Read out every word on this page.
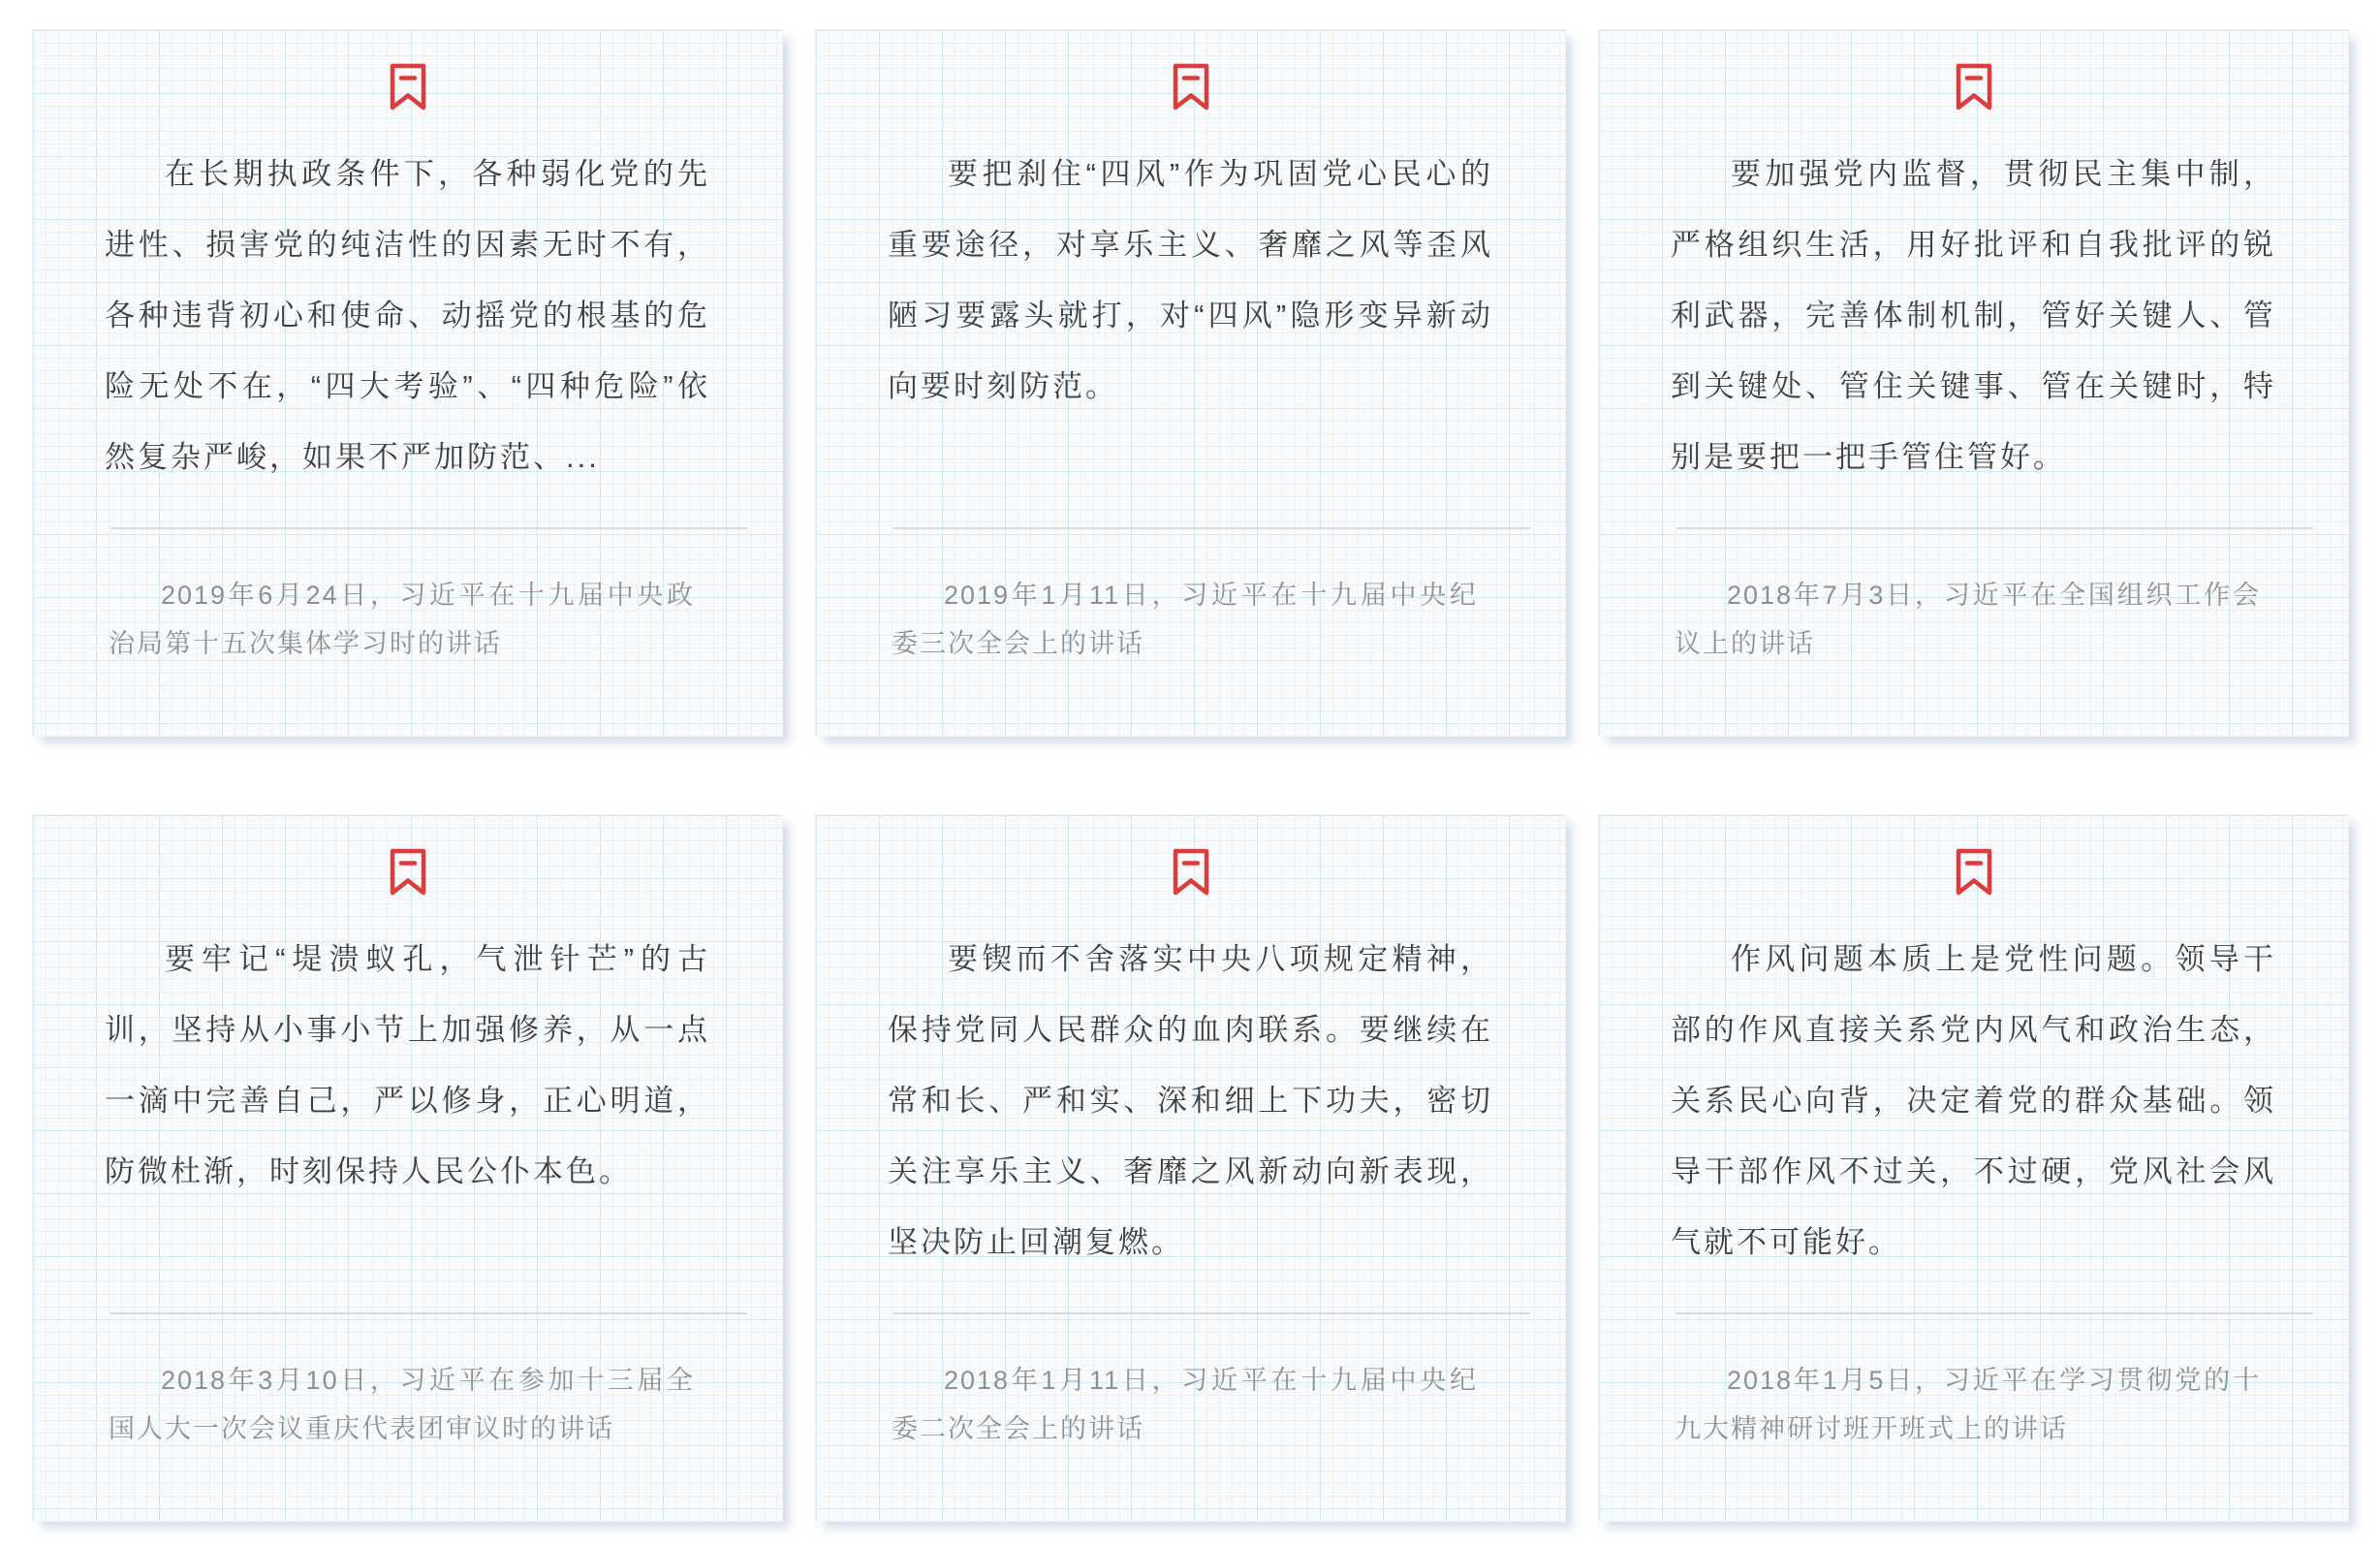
在长期执政条件下，各种弱化党的先进性、损害党的纯洁性的因素无时不有，各种违背初心和使命、动摇党的根基的危险无处不在，“四大考验”、“四种危险”依然复杂严峻，如果不严加防范、...

2019年6月24日，习近平在十九届中央政治局第十五次集体学习时的讲话

要把刹住“四风”作为巩固党心民心的重要途径，对享乐主义、奢靡之风等歪风陋习要露头就打，对“四风”隐形变异新动向要时刻防范。

2019年1月11日，习近平在十九届中央纪委三次全会上的讲话

要加强党内监督，贯彻民主集中制，严格组织生活，用好批评和自我批评的锐利武器，完善体制机制，管好关键人、管到关键处、管住关键事、管在关键时，特别是要把一把手管住管好。

2018年7月3日，习近平在全国组织工作会议上的讲话

要牢记“堤溃蚁孔，气泄针芒”的古训，坚持从小事小节上加强修养，从一点一滴中完善自己，严以修身，正心明道，防微杜渐，时刻保持人民公仆本色。

2018年3月10日，习近平在参加十三届全国人大一次会议重庆代表团审议时的讲话

要锲而不舍落实中央八项规定精神，保持党同人民群众的血肉联系。要继续在常和长、严和实、深和细上下功夫，密切关注享乐主义、奢靡之风新动向新表现，坚决防止回潮复燃。

2018年1月11日，习近平在十九届中央纪委二次全会上的讲话

作风问题本质上是党性问题。领导干部的作风直接关系党内风气和政治生态，关系民心向背，决定着党的群众基础。领导干部作风不过关，不过硬，党风社会风气就不可能好。

2018年1月5日，习近平在学习贯彻党的十九大精神研讨班开班式上的讲话
